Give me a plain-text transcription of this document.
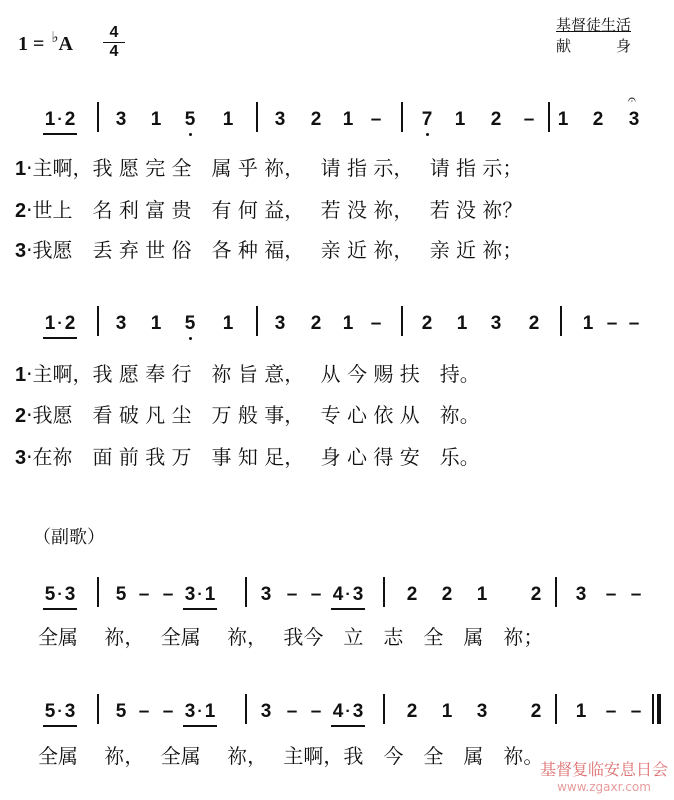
1 = ♭A
4
4
基督徒生活
献　　　身
1 · 2 3 1 5 1 3 2 1 – 7 1 2 – 1 2 3
𝄐
1·主啊，我 愿 完 全　属 乎 祢，　 请 指 示，　 请 指 示；
2·世上　名 利 富 贵　有 何 益，　 若 没 祢，　 若 没 祢？
3·我愿　丢 弃 世 俗　各 种 福，　 亲 近 祢，　 亲 近 祢；
1 · 2 3 1 5 1 3 2 1 – 2 1 3 2 1 – –
1·主啊，我 愿 奉 行　祢 旨 意，　 从 今 赐 扶　持。
2·我愿　看 破 凡 尘　万 般 事，　 专 心 依 从　祢。
3·在祢　面 前 我 万　事 知 足，　 身 心 得 安　乐。
5 · 3 5 – – 3 · 1 3 – – 4 · 3 2 2 1 2 3 – –
全属　 祢，　 全属　 祢，　 我今　立　志　全　属　祢；
5 · 3 5 – – 3 · 1 3 – – 4 · 3 2 1 3 2 1 – –
全属　 祢，　 全属　 祢，　 主啊，我　今　全　属　祢。
（副歌）
基督复临安息日会
www.zgaxr.com
